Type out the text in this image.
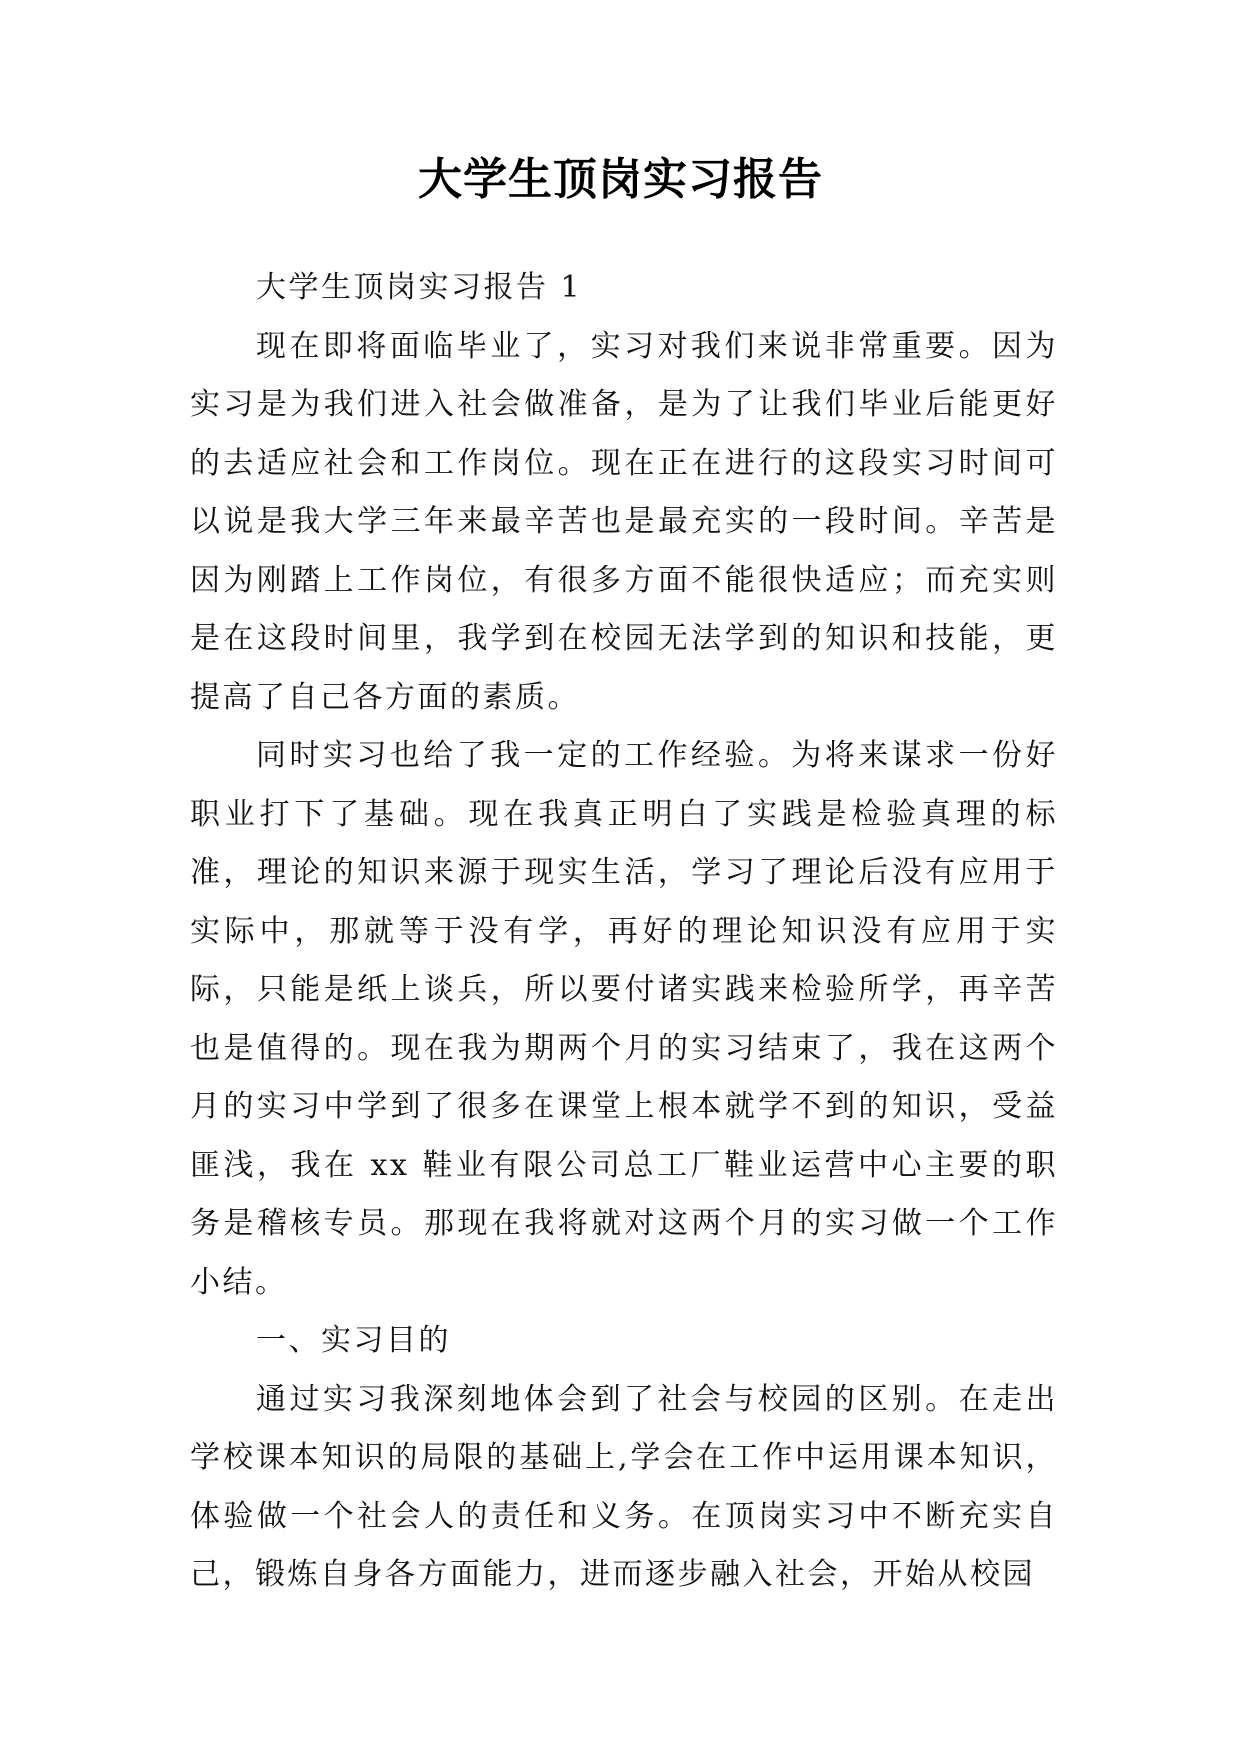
大学生顶岗实习报告

大学生顶岗实习报告 1

现在即将面临毕业了，实习对我们来说非常重要。因为实习是为我们进入社会做准备，是为了让我们毕业后能更好的去适应社会和工作岗位。现在正在进行的这段实习时间可以说是我大学三年来最辛苦也是最充实的一段时间。辛苦是因为刚踏上工作岗位，有很多方面不能很快适应；而充实则是在这段时间里，我学到在校园无法学到的知识和技能，更提高了自己各方面的素质。

同时实习也给了我一定的工作经验。为将来谋求一份好职业打下了基础。现在我真正明白了实践是检验真理的标准，理论的知识来源于现实生活，学习了理论后没有应用于实际中，那就等于没有学，再好的理论知识没有应用于实际，只能是纸上谈兵，所以要付诸实践来检验所学，再辛苦也是值得的。现在我为期两个月的实习结束了，我在这两个月的实习中学到了很多在课堂上根本就学不到的知识，受益匪浅，我在 xx 鞋业有限公司总工厂鞋业运营中心主要的职务是稽核专员。那现在我将就对这两个月的实习做一个工作小结。

一、实习目的

通过实习我深刻地体会到了社会与校园的区别。在走出学校课本知识的局限的基础上,学会在工作中运用课本知识，体验做一个社会人的责任和义务。在顶岗实习中不断充实自己，锻炼自身各方面能力，进而逐步融入社会，开始从校园
